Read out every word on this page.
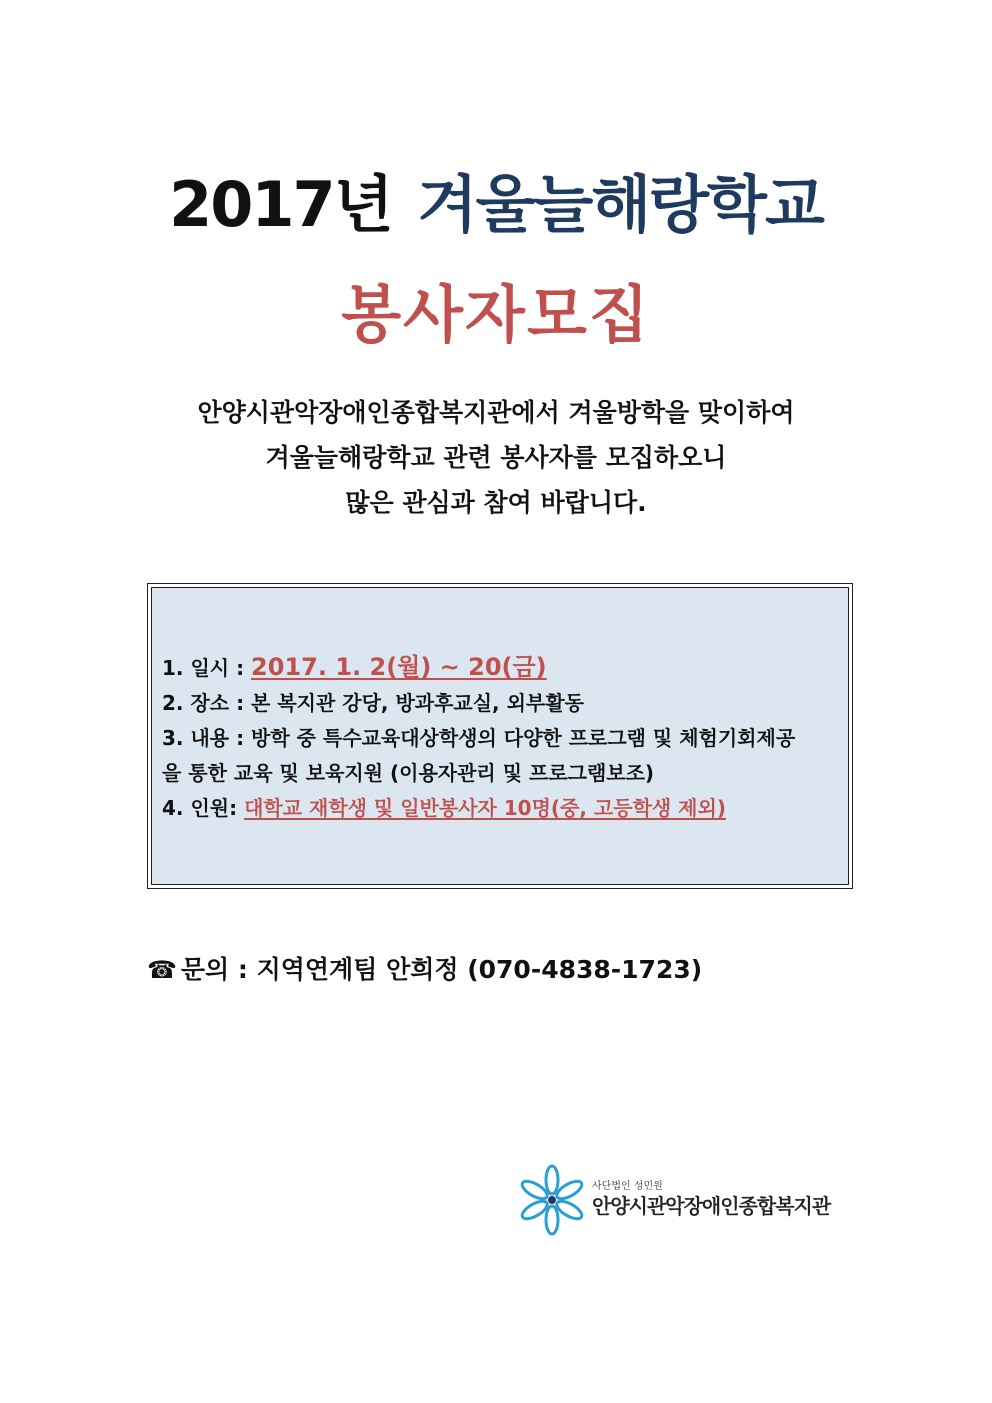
2017년 겨울늘해랑학교
봉사자모집
안양시관악장애인종합복지관에서 겨울방학을 맞이하여
겨울늘해랑학교 관련 봉사자를 모집하오니
많은 관심과 참여 바랍니다.
1. 일시 : 2017. 1. 2(월) ~ 20(금)
2. 장소 : 본 복지관 강당, 방과후교실, 외부활동
3. 내용 : 방학 중 특수교육대상학생의 다양한 프로그램 및 체험기회제공
을 통한 교육 및 보육지원 (이용자관리 및 프로그램보조)
4. 인원: 대학교 재학생 및 일반봉사자 10명(중, 고등학생 제외)
☎ 문의 : 지역연계팀 안희정 (070-4838-1723)
사단법인 성민원
안양시관악장애인종합복지관
